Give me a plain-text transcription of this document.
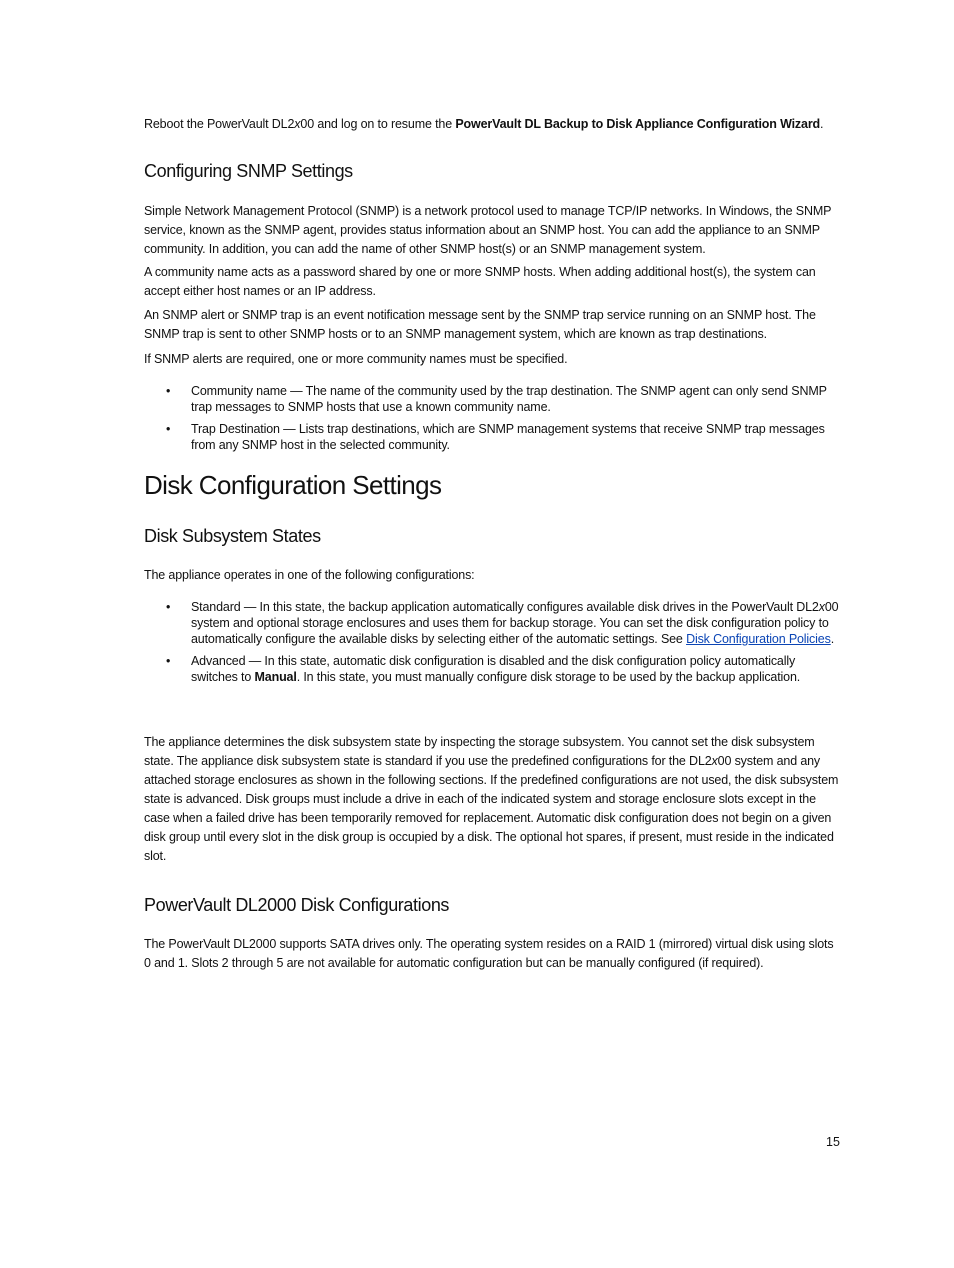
Reboot the PowerVault DL2x00 and log on to resume the PowerVault DL Backup to Disk Appliance Configuration Wizard.

Configuring SNMP Settings

Simple Network Management Protocol (SNMP) is a network protocol used to manage TCP/IP networks. In Windows, the SNMP service, known as the SNMP agent, provides status information about an SNMP host. You can add the appliance to an SNMP community. In addition, you can add the name of other SNMP host(s) or an SNMP management system.

A community name acts as a password shared by one or more SNMP hosts. When adding additional host(s), the system can accept either host names or an IP address.

An SNMP alert or SNMP trap is an event notification message sent by the SNMP trap service running on an SNMP host. The SNMP trap is sent to other SNMP hosts or to an SNMP management system, which are known as trap destinations.

If SNMP alerts are required, one or more community names must be specified.

• Community name — The name of the community used by the trap destination. The SNMP agent can only send SNMP trap messages to SNMP hosts that use a known community name.
• Trap Destination — Lists trap destinations, which are SNMP management systems that receive SNMP trap messages from any SNMP host in the selected community.
Disk Configuration Settings
Disk Subsystem States

The appliance operates in one of the following configurations:

• Standard — In this state, the backup application automatically configures available disk drives in the PowerVault DL2x00 system and optional storage enclosures and uses them for backup storage. You can set the disk configuration policy to automatically configure the available disks by selecting either of the automatic settings. See Disk Configuration Policies.
• Advanced — In this state, automatic disk configuration is disabled and the disk configuration policy automatically switches to Manual. In this state, you must manually configure disk storage to be used by the backup application.

The appliance determines the disk subsystem state by inspecting the storage subsystem. You cannot set the disk subsystem state. The appliance disk subsystem state is standard if you use the predefined configurations for the DL2x00 system and any attached storage enclosures as shown in the following sections. If the predefined configurations are not used, the disk subsystem state is advanced. Disk groups must include a drive in each of the indicated system and storage enclosure slots except in the case when a failed drive has been temporarily removed for replacement. Automatic disk configuration does not begin on a given disk group until every slot in the disk group is occupied by a disk. The optional hot spares, if present, must reside in the indicated slot.

PowerVault DL2000 Disk Configurations

The PowerVault DL2000 supports SATA drives only. The operating system resides on a RAID 1 (mirrored) virtual disk using slots 0 and 1. Slots 2 through 5 are not available for automatic configuration but can be manually configured (if required).

15
